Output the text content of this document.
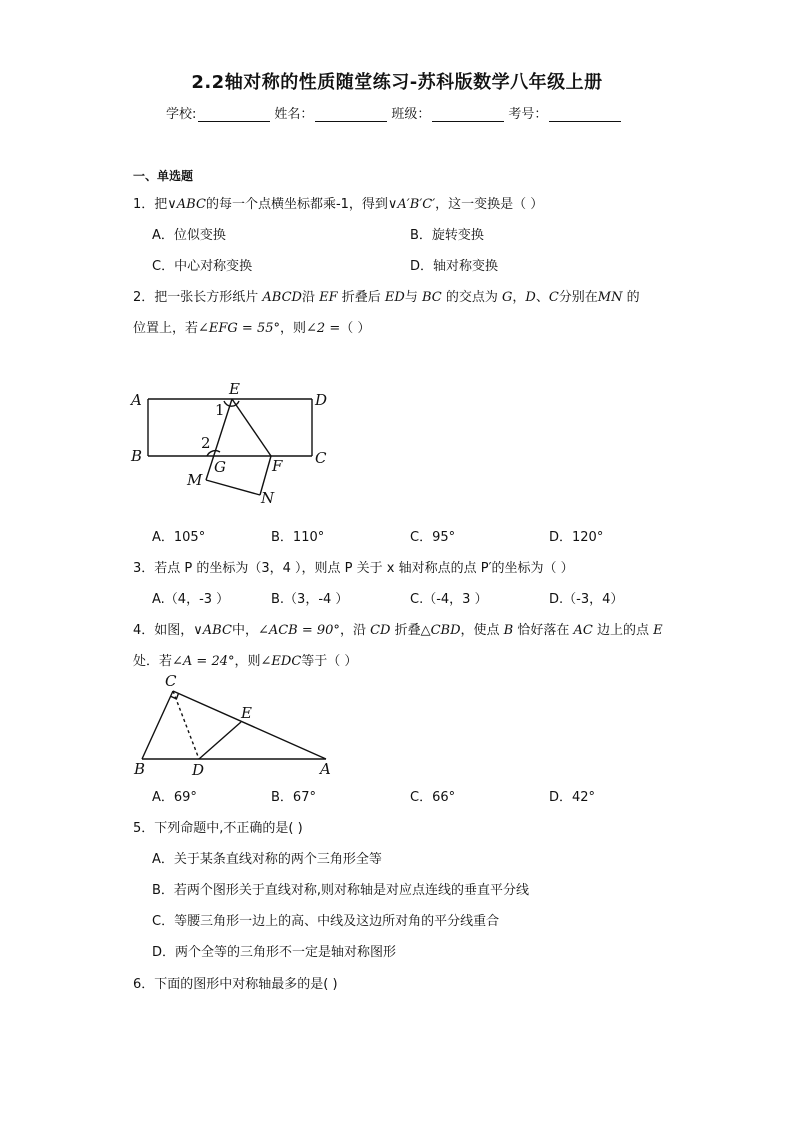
2.2轴对称的性质随堂练习-苏科版数学八年级上册
学校:	姓名：	班级：	考号：
一、单选题
1．把∨ABC的每一个点横坐标都乘-1，得到∨A′B′C′，这一变换是（ ）
A．位似变换	B．旋转变换
C．中心对称变换	D．轴对称变换
2．把一张长方形纸片 ABCD沿 EF 折叠后 ED与 BC 的交点为 G，D、C分别在MN 的
位置上，若∠EFG = 55°，则∠2 =（ ）
A
E
D
B	C
G	F
M
N
1
2
A．105°	B．110°	C．95°	D．120°
3．若点 P 的坐标为（3，4 ），则点 P 关于 x 轴对称点的点 P′的坐标为（ ）
A.（4，-3 ）	B.（3，-4 ）	C.（-4，3 ）	D.（-3，4）
4．如图，∨ABC中，∠ACB = 90°，沿 CD 折叠△CBD，使点 B 恰好落在 AC 边上的点 E
处．若∠A = 24°，则∠EDC等于（ ）
C
E
B	D	A
A．69°	B．67°	C．66°	D．42°
5．下列命题中,不正确的是( )
A．关于某条直线对称的两个三角形全等
B．若两个图形关于直线对称,则对称轴是对应点连线的垂直平分线
C．等腰三角形一边上的高、中线及这边所对角的平分线重合
D．两个全等的三角形不一定是轴对称图形
6．下面的图形中对称轴最多的是( )
